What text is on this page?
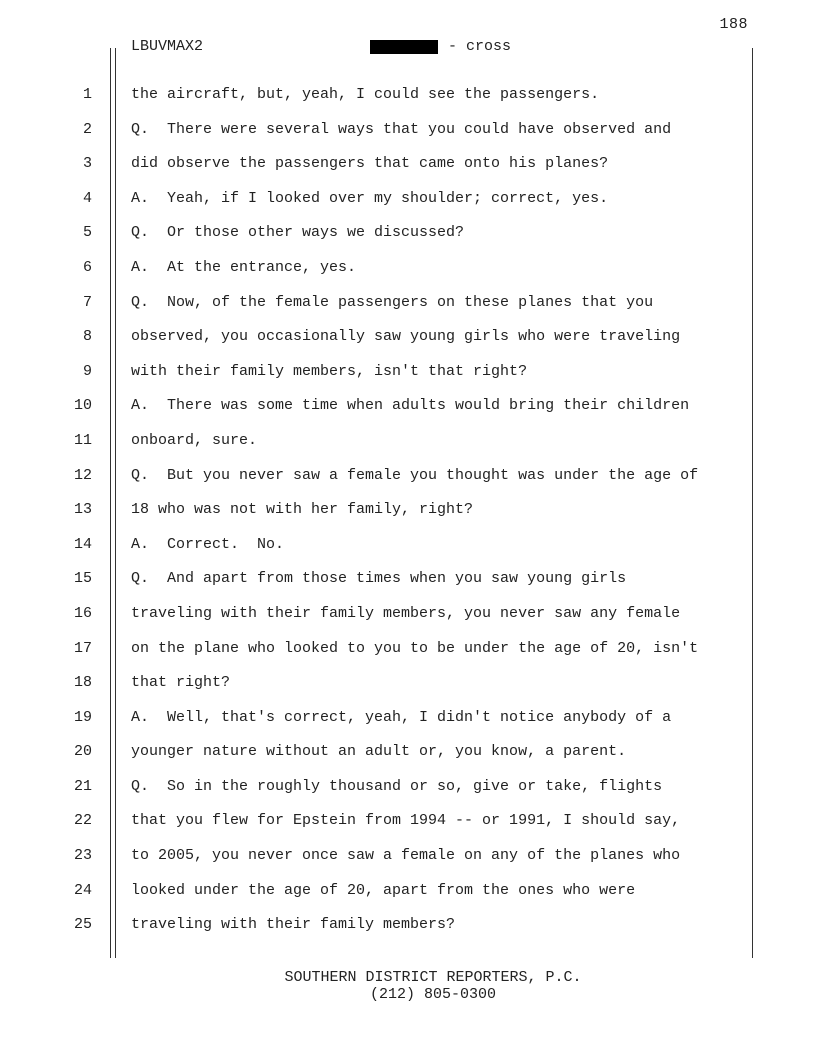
188
LBUVMAX2	- cross
1	the aircraft, but, yeah, I could see the passengers.
2	Q.  There were several ways that you could have observed and
3	did observe the passengers that came onto his planes?
4	A.  Yeah, if I looked over my shoulder; correct, yes.
5	Q.  Or those other ways we discussed?
6	A.  At the entrance, yes.
7	Q.  Now, of the female passengers on these planes that you
8	observed, you occasionally saw young girls who were traveling
9	with their family members, isn't that right?
10	A.  There was some time when adults would bring their children
11	onboard, sure.
12	Q.  But you never saw a female you thought was under the age of
13	18 who was not with her family, right?
14	A.  Correct.  No.
15	Q.  And apart from those times when you saw young girls
16	traveling with their family members, you never saw any female
17	on the plane who looked to you to be under the age of 20, isn't
18	that right?
19	A.  Well, that's correct, yeah, I didn't notice anybody of a
20	younger nature without an adult or, you know, a parent.
21	Q.  So in the roughly thousand or so, give or take, flights
22	that you flew for Epstein from 1994 -- or 1991, I should say,
23	to 2005, you never once saw a female on any of the planes who
24	looked under the age of 20, apart from the ones who were
25	traveling with their family members?
SOUTHERN DISTRICT REPORTERS, P.C.
(212) 805-0300
